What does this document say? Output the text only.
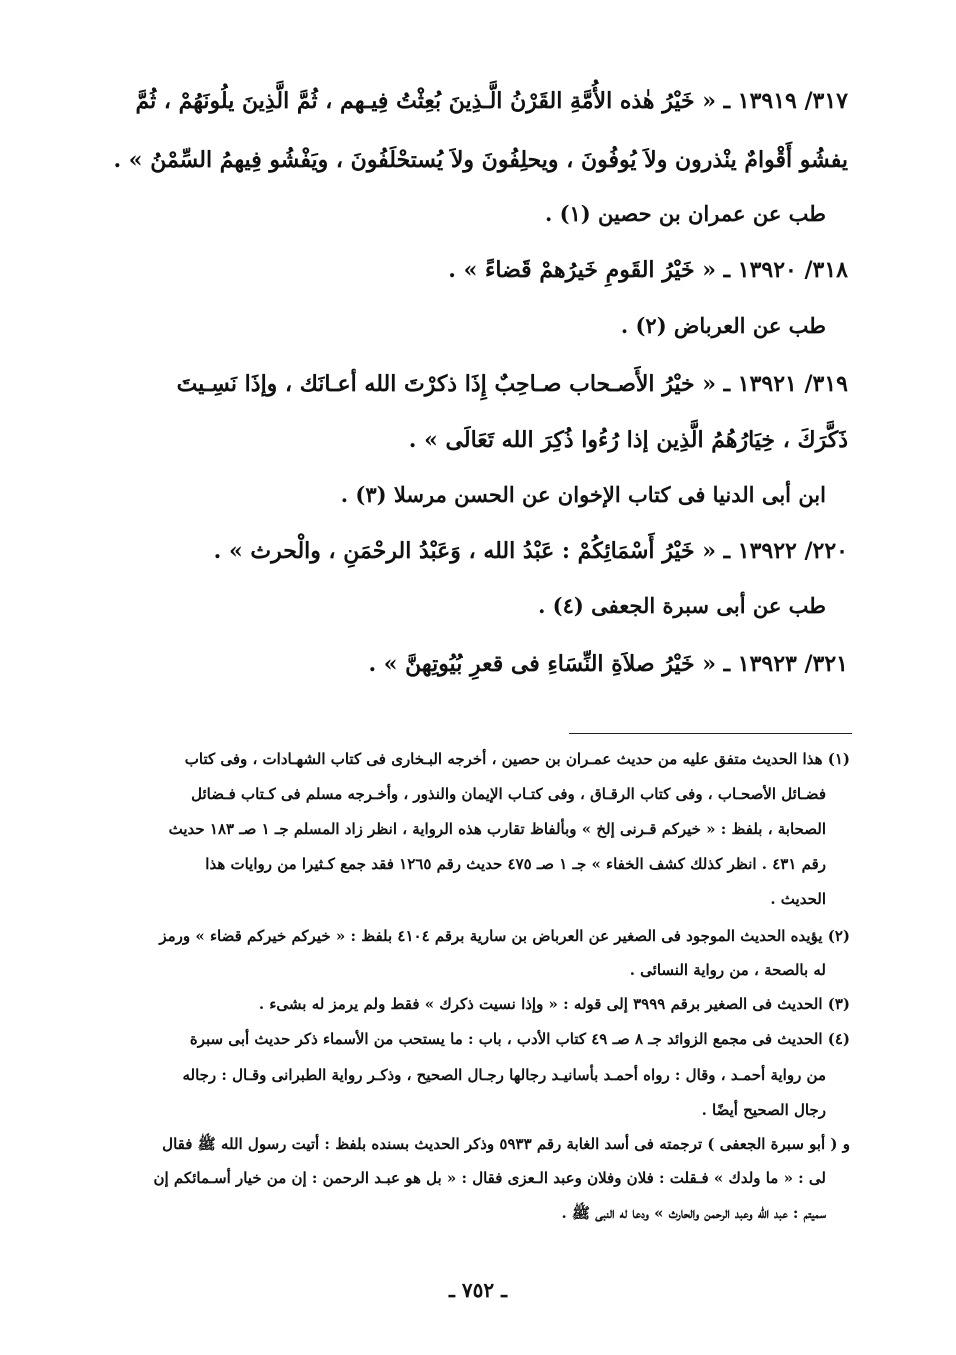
٣١٧/ ١٣٩١٩ ـ « خَيْرُ هٰذه الأُمَّةِ القَرْنُ الَّـذِينَ بُعِثْتُ فِيـهم ، ثُمَّ الَّذِينَ يلُونَهُمْ ، ثُمَّ
يفشُو أَقْوامٌ ينْذرون ولاَ يُوفُونَ ، ويحلِفُونَ ولاَ يُستحْلَفُونَ ، ويَفْشُو فِيهمُ السِّمْنُ » .
طب عن عمران بن حصين (١) .
٣١٨/ ١٣٩٢٠ ـ « خَيْرُ القَومِ خَيرُهمْ قَضاءً » .
طب عن العرباض (٢) .
٣١٩/ ١٣٩٢١ ـ « خيْرُ الأَصـحاب صـاحِبٌ إِذَا ذكرْتَ الله أعـانَك ، وإذَا نَسِـيتَ
ذَكَّرَكَ ، خِيَارُهُمُ الَّذِين إذا رُءُوا ذُكِرَ الله تَعَالَى » .
ابن أبى الدنيا فى كتاب الإخوان عن الحسن مرسلا (٣) .
٢٢٠/ ١٣٩٢٢ ـ « خَيْرُ أَسْمَائِكُمْ : عَبْدُ الله ، وَعَبْدُ الرحْمَنِ ، والْحرث » .
طب عن أبى سبرة الجعفى (٤) .
٣٢١/ ١٣٩٢٣ ـ « خَيْرُ صلاَةِ النِّسَاءِ فى قعرِ بُيُوتِهنَّ » .
(١) هذا الحديث متفق عليه من حديث عمـران بن حصين ، أخرجه البـخارى فى كتاب الشهـادات ، وفى كتاب
فضـائل الأصحـاب ، وفى كتاب الرقـاق ، وفى كتـاب الإيمان والنذور ، وأخـرجه مسلم فى كـتاب فـضائل
الصحابة ، بلفظ : « خيركم قـرنى إلخ » وبألفاظ تقارب هذه الرواية ، انظر زاد المسلم جـ ١ صـ ١٨٣ حديث
رقم ٤٣١ . انظر كذلك كشف الخفاء » جـ ١ صـ ٤٧٥ حديث رقم ١٢٦٥ فقد جمع كـثيرا من روايات هذا
الحديث .
(٢) يؤيده الحديث الموجود فى الصغير عن العرباض بن سارية برقم ٤١٠٤ بلفظ : « خيركم خيركم قضاء » ورمز
له بالصحة ، من رواية النسائى .
(٣) الحديث فى الصغير برقم ٣٩٩٩ إلى قوله : « وإذا نسيت ذكرك » فقط ولم يرمز له بشىء .
(٤) الحديث فى مجمع الزوائد جـ ٨ صـ ٤٩ كتاب الأدب ، باب : ما يستحب من الأسماء ذكر حديث أبى سبرة
من رواية أحمـد ، وقال : رواه أحمـد بأسانيـد رجالها رجـال الصحيح ، وذكـر رواية الطبرانى وقـال : رجاله
رجال الصحيح أيضًا .
و ( أبو سبرة الجعفى ) ترجمته فى أسد الغابة رقم ٥٩٣٣ وذكر الحديث بسنده بلفظ : أتيت رسول الله ﷺ فقال
لى : « ما ولدك » فـقلت : فلان وفلان وعبد الـعزى فقال : « بل هو عبـد الرحمن : إن من خيار أسـمائكم إن
سميتم : عبد الله وعبد الرحمن والحارث » ودعا له النبى ﷺ .
ـ ٧٥٢ ـ
